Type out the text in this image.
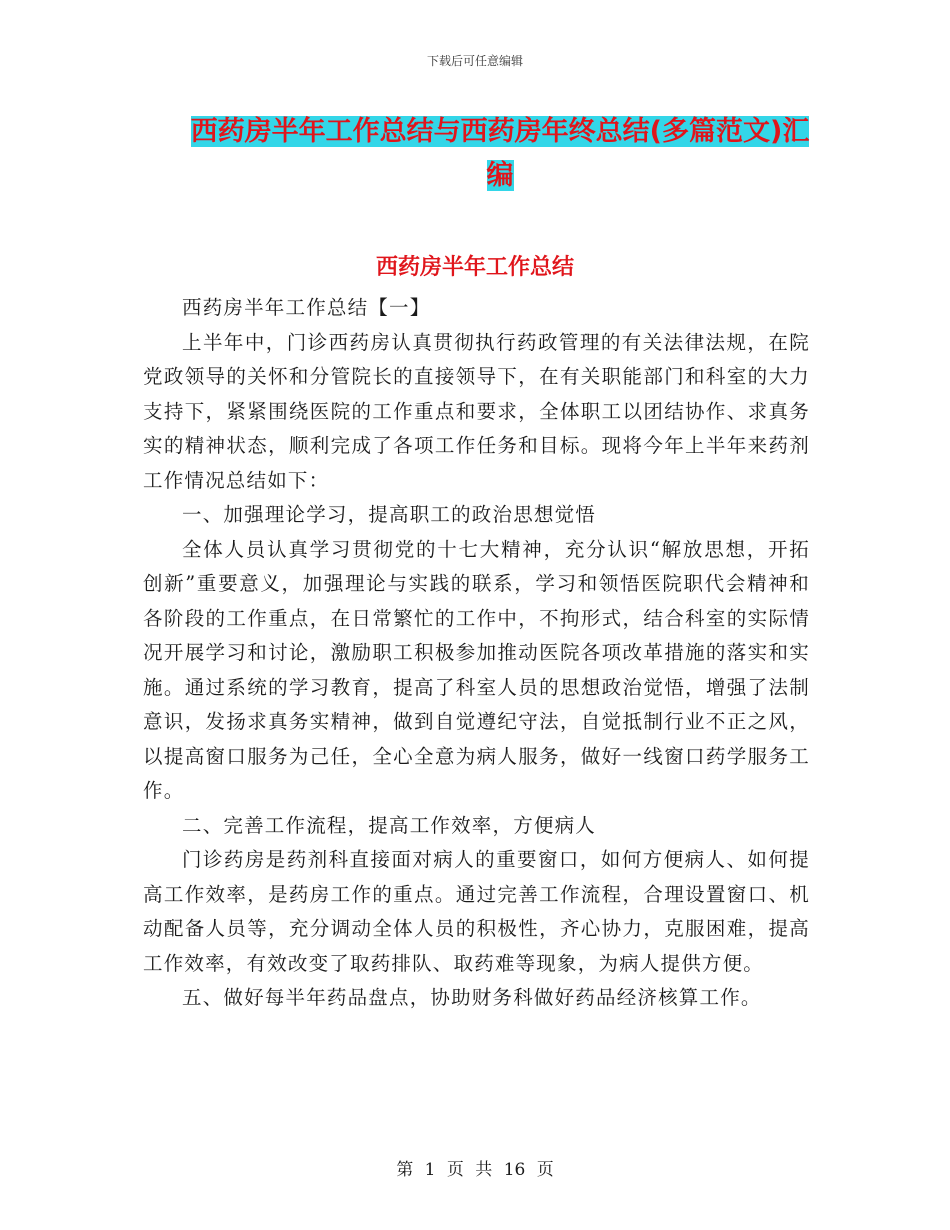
下载后可任意编辑
西药房半年工作总结与西药房年终总结(多篇范文)汇编
西药房半年工作总结

西药房半年工作总结【一】

上半年中，门诊西药房认真贯彻执行药政管理的有关法律法规，在院党政领导的关怀和分管院长的直接领导下，在有关职能部门和科室的大力支持下，紧紧围绕医院的工作重点和要求，全体职工以团结协作、求真务实的精神状态，顺利完成了各项工作任务和目标。现将今年上半年来药剂工作情况总结如下：

一、加强理论学习，提高职工的政治思想觉悟

全体人员认真学习贯彻党的十七大精神，充分认识“解放思想，开拓创新”重要意义，加强理论与实践的联系，学习和领悟医院职代会精神和各阶段的工作重点，在日常繁忙的工作中，不拘形式，结合科室的实际情况开展学习和讨论，激励职工积极参加推动医院各项改革措施的落实和实施。通过系统的学习教育，提高了科室人员的思想政治觉悟，增强了法制意识，发扬求真务实精神，做到自觉遵纪守法，自觉抵制行业不正之风，以提高窗口服务为己任，全心全意为病人服务，做好一线窗口药学服务工作。

二、完善工作流程，提高工作效率，方便病人

门诊药房是药剂科直接面对病人的重要窗口，如何方便病人、如何提高工作效率，是药房工作的重点。通过完善工作流程，合理设置窗口、机动配备人员等，充分调动全体人员的积极性，齐心协力，克服困难，提高工作效率，有效改变了取药排队、取药难等现象，为病人提供方便。

五、做好每半年药品盘点，协助财务科做好药品经济核算工作。

第 1 页 共 16 页
